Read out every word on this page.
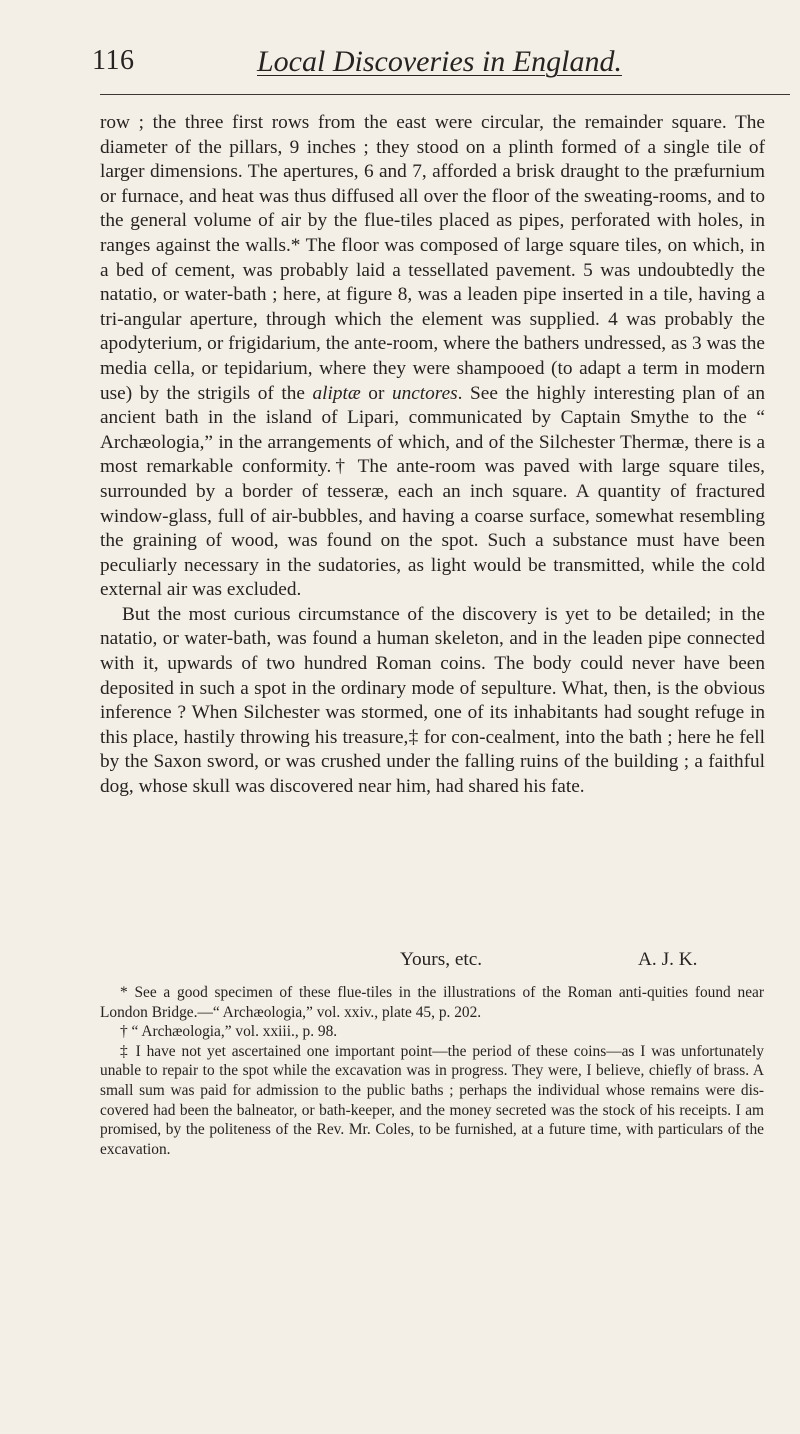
116	Local Discoveries in England.

row ; the three first rows from the east were circular, the remainder square. The diameter of the pillars, 9 inches ; they stood on a plinth formed of a single tile of larger dimensions. The apertures, 6 and 7, afforded a brisk draught to the præfurnium or furnace, and heat was thus diffused all over the floor of the sweating-rooms, and to the general volume of air by the flue-tiles placed as pipes, perforated with holes, in ranges against the walls.* The floor was composed of large square tiles, on which, in a bed of cement, was probably laid a tessellated pavement. 5 was undoubtedly the natatio, or water-bath ; here, at figure 8, was a leaden pipe inserted in a tile, having a tri-angular aperture, through which the element was supplied. 4 was probably the apodyterium, or frigidarium, the ante-room, where the bathers undressed, as 3 was the media cella, or tepidarium, where they were shampooed (to adapt a term in modern use) by the strigils of the aliptæ or unctores. See the highly interesting plan of an ancient bath in the island of Lipari, communicated by Captain Smythe to the “ Archæologia,” in the arrangements of which, and of the Silchester Thermæ, there is a most remarkable conformity.† The ante-room was paved with large square tiles, surrounded by a border of tesseræ, each an inch square. A quantity of fractured window-glass, full of air-bubbles, and having a coarse surface, somewhat resembling the graining of wood, was found on the spot. Such a substance must have been peculiarly necessary in the sudatories, as light would be transmitted, while the cold external air was excluded.

But the most curious circumstance of the discovery is yet to be detailed; in the natatio, or water-bath, was found a human skeleton, and in the leaden pipe connected with it, upwards of two hundred Roman coins. The body could never have been deposited in such a spot in the ordinary mode of sepulture. What, then, is the obvious inference ? When Silchester was stormed, one of its inhabitants had sought refuge in this place, hastily throwing his treasure,‡ for con-cealment, into the bath ; here he fell by the Saxon sword, or was crushed under the falling ruins of the building ; a faithful dog, whose skull was discovered near him, had shared his fate.

Yours, etc.	A. J. K.

* See a good specimen of these flue-tiles in the illustrations of the Roman anti-quities found near London Bridge.—“ Archæologia,” vol. xxiv., plate 45, p. 202.

† “ Archæologia,” vol. xxiii., p. 98.

‡ I have not yet ascertained one important point—the period of these coins—as I was unfortunately unable to repair to the spot while the excavation was in progress. They were, I believe, chiefly of brass. A small sum was paid for admission to the public baths ; perhaps the individual whose remains were dis-covered had been the balneator, or bath-keeper, and the money secreted was the stock of his receipts. I am promised, by the politeness of the Rev. Mr. Coles, to be furnished, at a future time, with particulars of the excavation.
